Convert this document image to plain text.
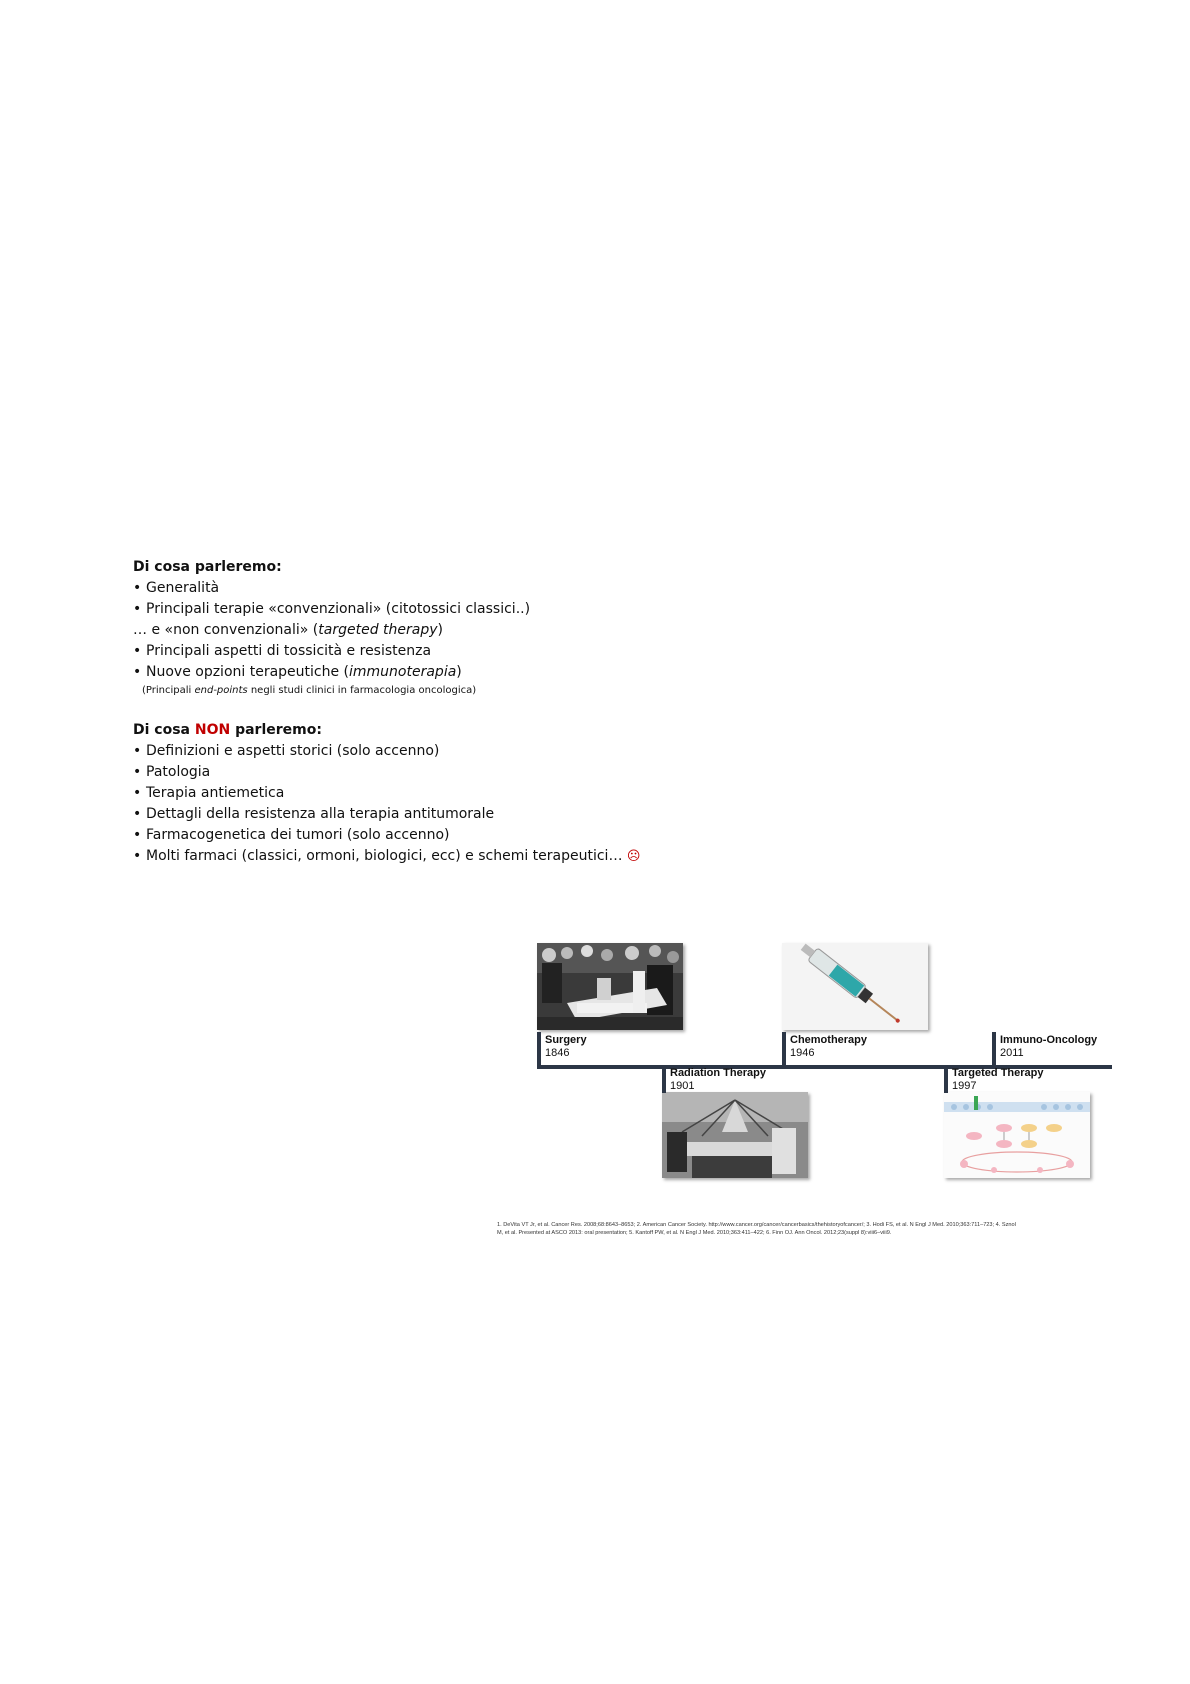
Di cosa parleremo:
• Generalità
• Principali terapie «convenzionali» (citotossici classici..)
… e «non convenzionali» (targeted therapy)
• Principali aspetti di tossicità e resistenza
• Nuove opzioni terapeutiche (immunoterapia)
(Principali end-points negli studi clinici in farmacologia oncologica)
Di cosa NON parleremo:
• Definizioni e aspetti storici (solo accenno)
• Patologia
• Terapia antiemetica
• Dettagli della resistenza alla terapia antitumorale
• Farmacogenetica dei tumori (solo accenno)
• Molti farmaci (classici, ormoni, biologici, ecc) e schemi terapeutici… ☹
Surgery
1846
Chemotherapy
1946
Immuno-Oncology
2011
Radiation Therapy
1901
Targeted Therapy
1997
1. DeVita VT Jr, et al. Cancer Res. 2008;68:8643–8653; 2. American Cancer Society. http://www.cancer.org/cancer/cancerbasics/thehistoryofcancer/; 3. Hodi FS, et al. N Engl J Med. 2010;363:711–723; 4. Sznol
M, et al. Presented at ASCO 2013: oral presentation; 5. Kantoff PW, et al. N Engl J Med. 2010;363:411–422; 6. Finn OJ. Ann Oncol. 2012;23(suppl 8):viii6–viii9.
